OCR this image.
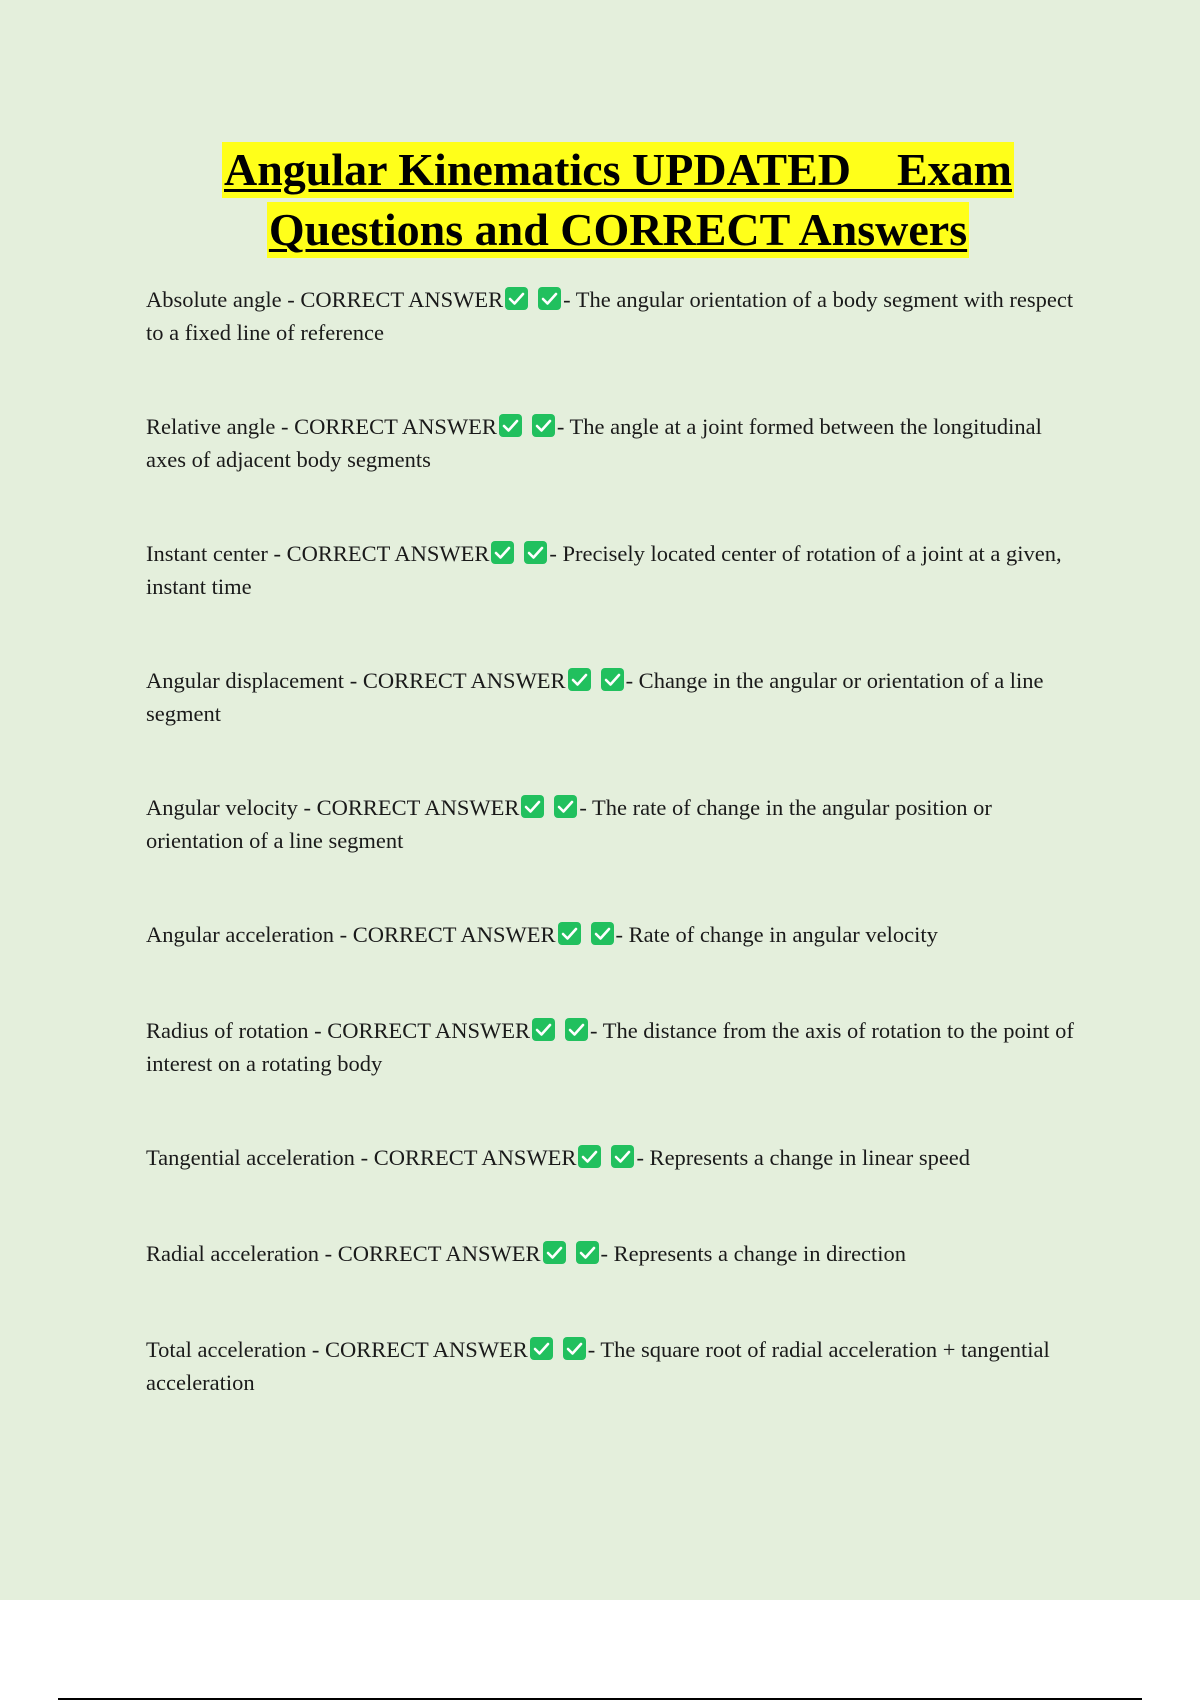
Angular Kinematics UPDATED    Exam
Questions and CORRECT Answers
Absolute angle - CORRECT ANSWER	- The angular orientation of a body segment with respect to a fixed line of reference
Relative angle - CORRECT ANSWER	- The angle at a joint formed between the longitudinal axes of adjacent body segments
Instant center - CORRECT ANSWER	- Precisely located center of rotation of a joint at a given, instant time
Angular displacement - CORRECT ANSWER	- Change in the angular or orientation of a line segment
Angular velocity - CORRECT ANSWER	- The rate of change in the angular position or orientation of a line segment
Angular acceleration - CORRECT ANSWER	- Rate of change in angular velocity
Radius of rotation - CORRECT ANSWER	- The distance from the axis of rotation to the point of interest on a rotating body
Tangential acceleration - CORRECT ANSWER	- Represents a change in linear speed
Radial acceleration - CORRECT ANSWER	- Represents a change in direction
Total acceleration - CORRECT ANSWER	- The square root of radial acceleration + tangential acceleration
